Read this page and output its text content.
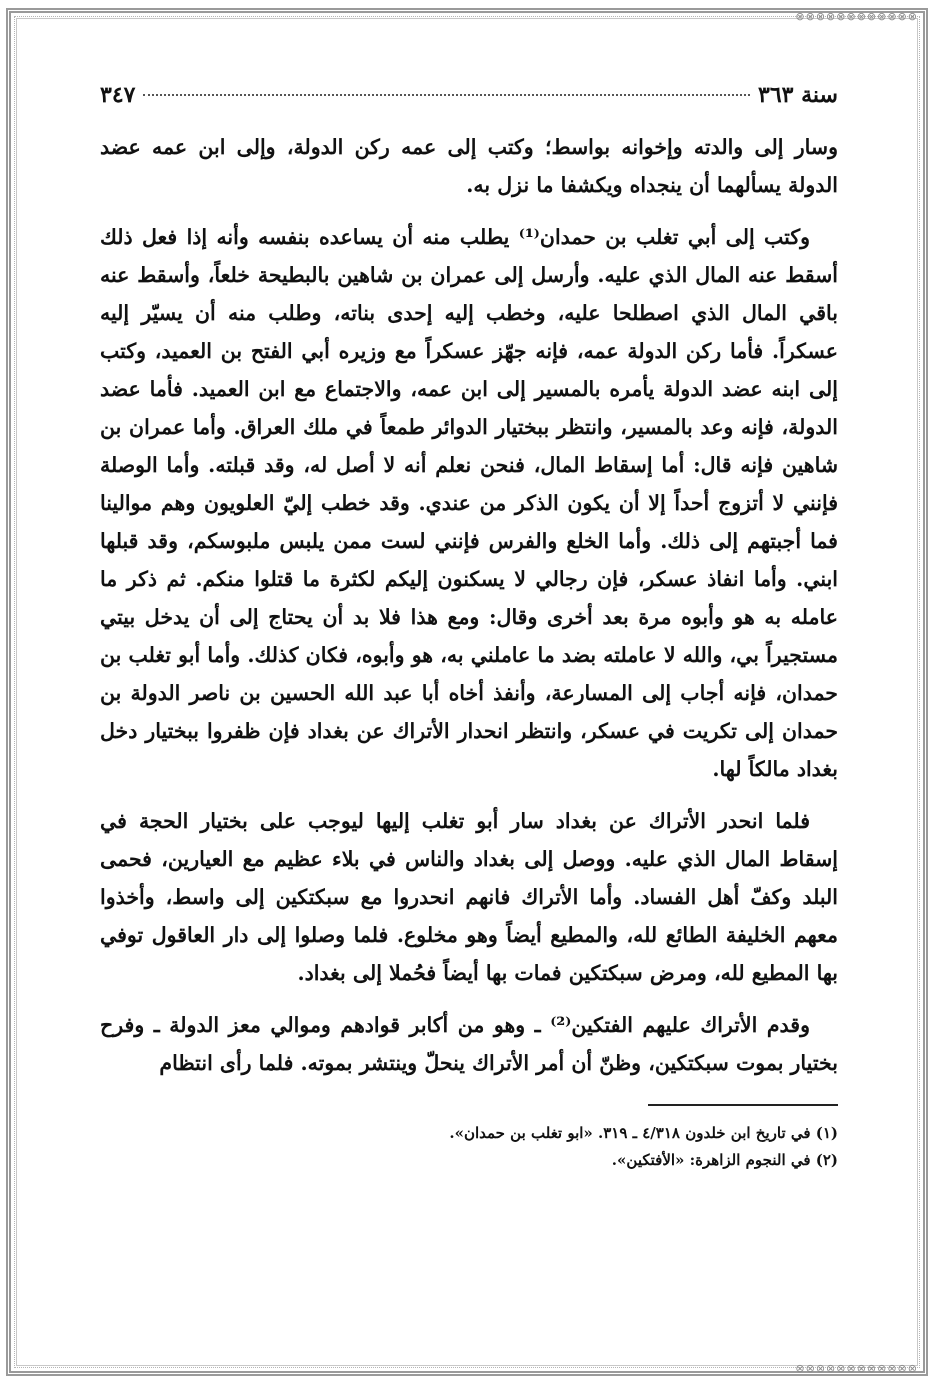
⊗⊗⊗⊗⊗⊗⊗⊗⊗⊗⊗⊗
⊗⊗⊗⊗⊗⊗⊗⊗⊗⊗⊗⊗
سنة ٣٦٣
٣٤٧

وسار إلى والدته وإخوانه بواسط؛ وكتب إلى عمه ركن الدولة، وإلى ابن عمه عضد الدولة يسألهما أن ينجداه ويكشفا ما نزل به.

وكتب إلى أبي تغلب بن حمدان⁽¹⁾ يطلب منه أن يساعده بنفسه وأنه إذا فعل ذلك أسقط عنه المال الذي عليه. وأرسل إلى عمران بن شاهين بالبطيحة خلعاً، وأسقط عنه باقي المال الذي اصطلحا عليه، وخطب إليه إحدى بناته، وطلب منه أن يسيّر إليه عسكراً. فأما ركن الدولة عمه، فإنه جهّز عسكراً مع وزيره أبي الفتح بن العميد، وكتب إلى ابنه عضد الدولة يأمره بالمسير إلى ابن عمه، والاجتماع مع ابن العميد. فأما عضد الدولة، فإنه وعد بالمسير، وانتظر ببختيار الدوائر طمعاً في ملك العراق. وأما عمران بن شاهين فإنه قال: أما إسقاط المال، فنحن نعلم أنه لا أصل له، وقد قبلته. وأما الوصلة فإنني لا أتزوج أحداً إلا أن يكون الذكر من عندي. وقد خطب إليّ العلويون وهم موالينا فما أجبتهم إلى ذلك. وأما الخلع والفرس فإنني لست ممن يلبس ملبوسكم، وقد قبلها ابني. وأما انفاذ عسكر، فإن رجالي لا يسكنون إليكم لكثرة ما قتلوا منكم. ثم ذكر ما عامله به هو وأبوه مرة بعد أخرى وقال: ومع هذا فلا بد أن يحتاج إلى أن يدخل بيتي مستجيراً بي، والله لا عاملته بضد ما عاملني به، هو وأبوه، فكان كذلك. وأما أبو تغلب بن حمدان، فإنه أجاب إلى المسارعة، وأنفذ أخاه أبا عبد الله الحسين بن ناصر الدولة بن حمدان إلى تكريت في عسكر، وانتظر انحدار الأتراك عن بغداد فإن ظفروا ببختيار دخل بغداد مالكاً لها.

فلما انحدر الأتراك عن بغداد سار أبو تغلب إليها ليوجب على بختيار الحجة في إسقاط المال الذي عليه. ووصل إلى بغداد والناس في بلاء عظيم مع العيارين، فحمى البلد وكفّ أهل الفساد. وأما الأتراك فانهم انحدروا مع سبكتكين إلى واسط، وأخذوا معهم الخليفة الطائع لله، والمطيع أيضاً وهو مخلوع. فلما وصلوا إلى دار العاقول توفي بها المطيع لله، ومرض سبكتكين فمات بها أيضاً فحُملا إلى بغداد.

وقدم الأتراك عليهم الفتكين⁽²⁾ ـ وهو من أكابر قوادهم وموالي معز الدولة ـ وفرح بختيار بموت سبكتكين، وظنّ أن أمر الأتراك ينحلّ وينتشر بموته. فلما رأى انتظام

(١) في تاريخ ابن خلدون ٤/٣١٨ ـ ٣١٩. «ابو تغلب بن حمدان».

(٢) في النجوم الزاهرة: «الأفتكين».
